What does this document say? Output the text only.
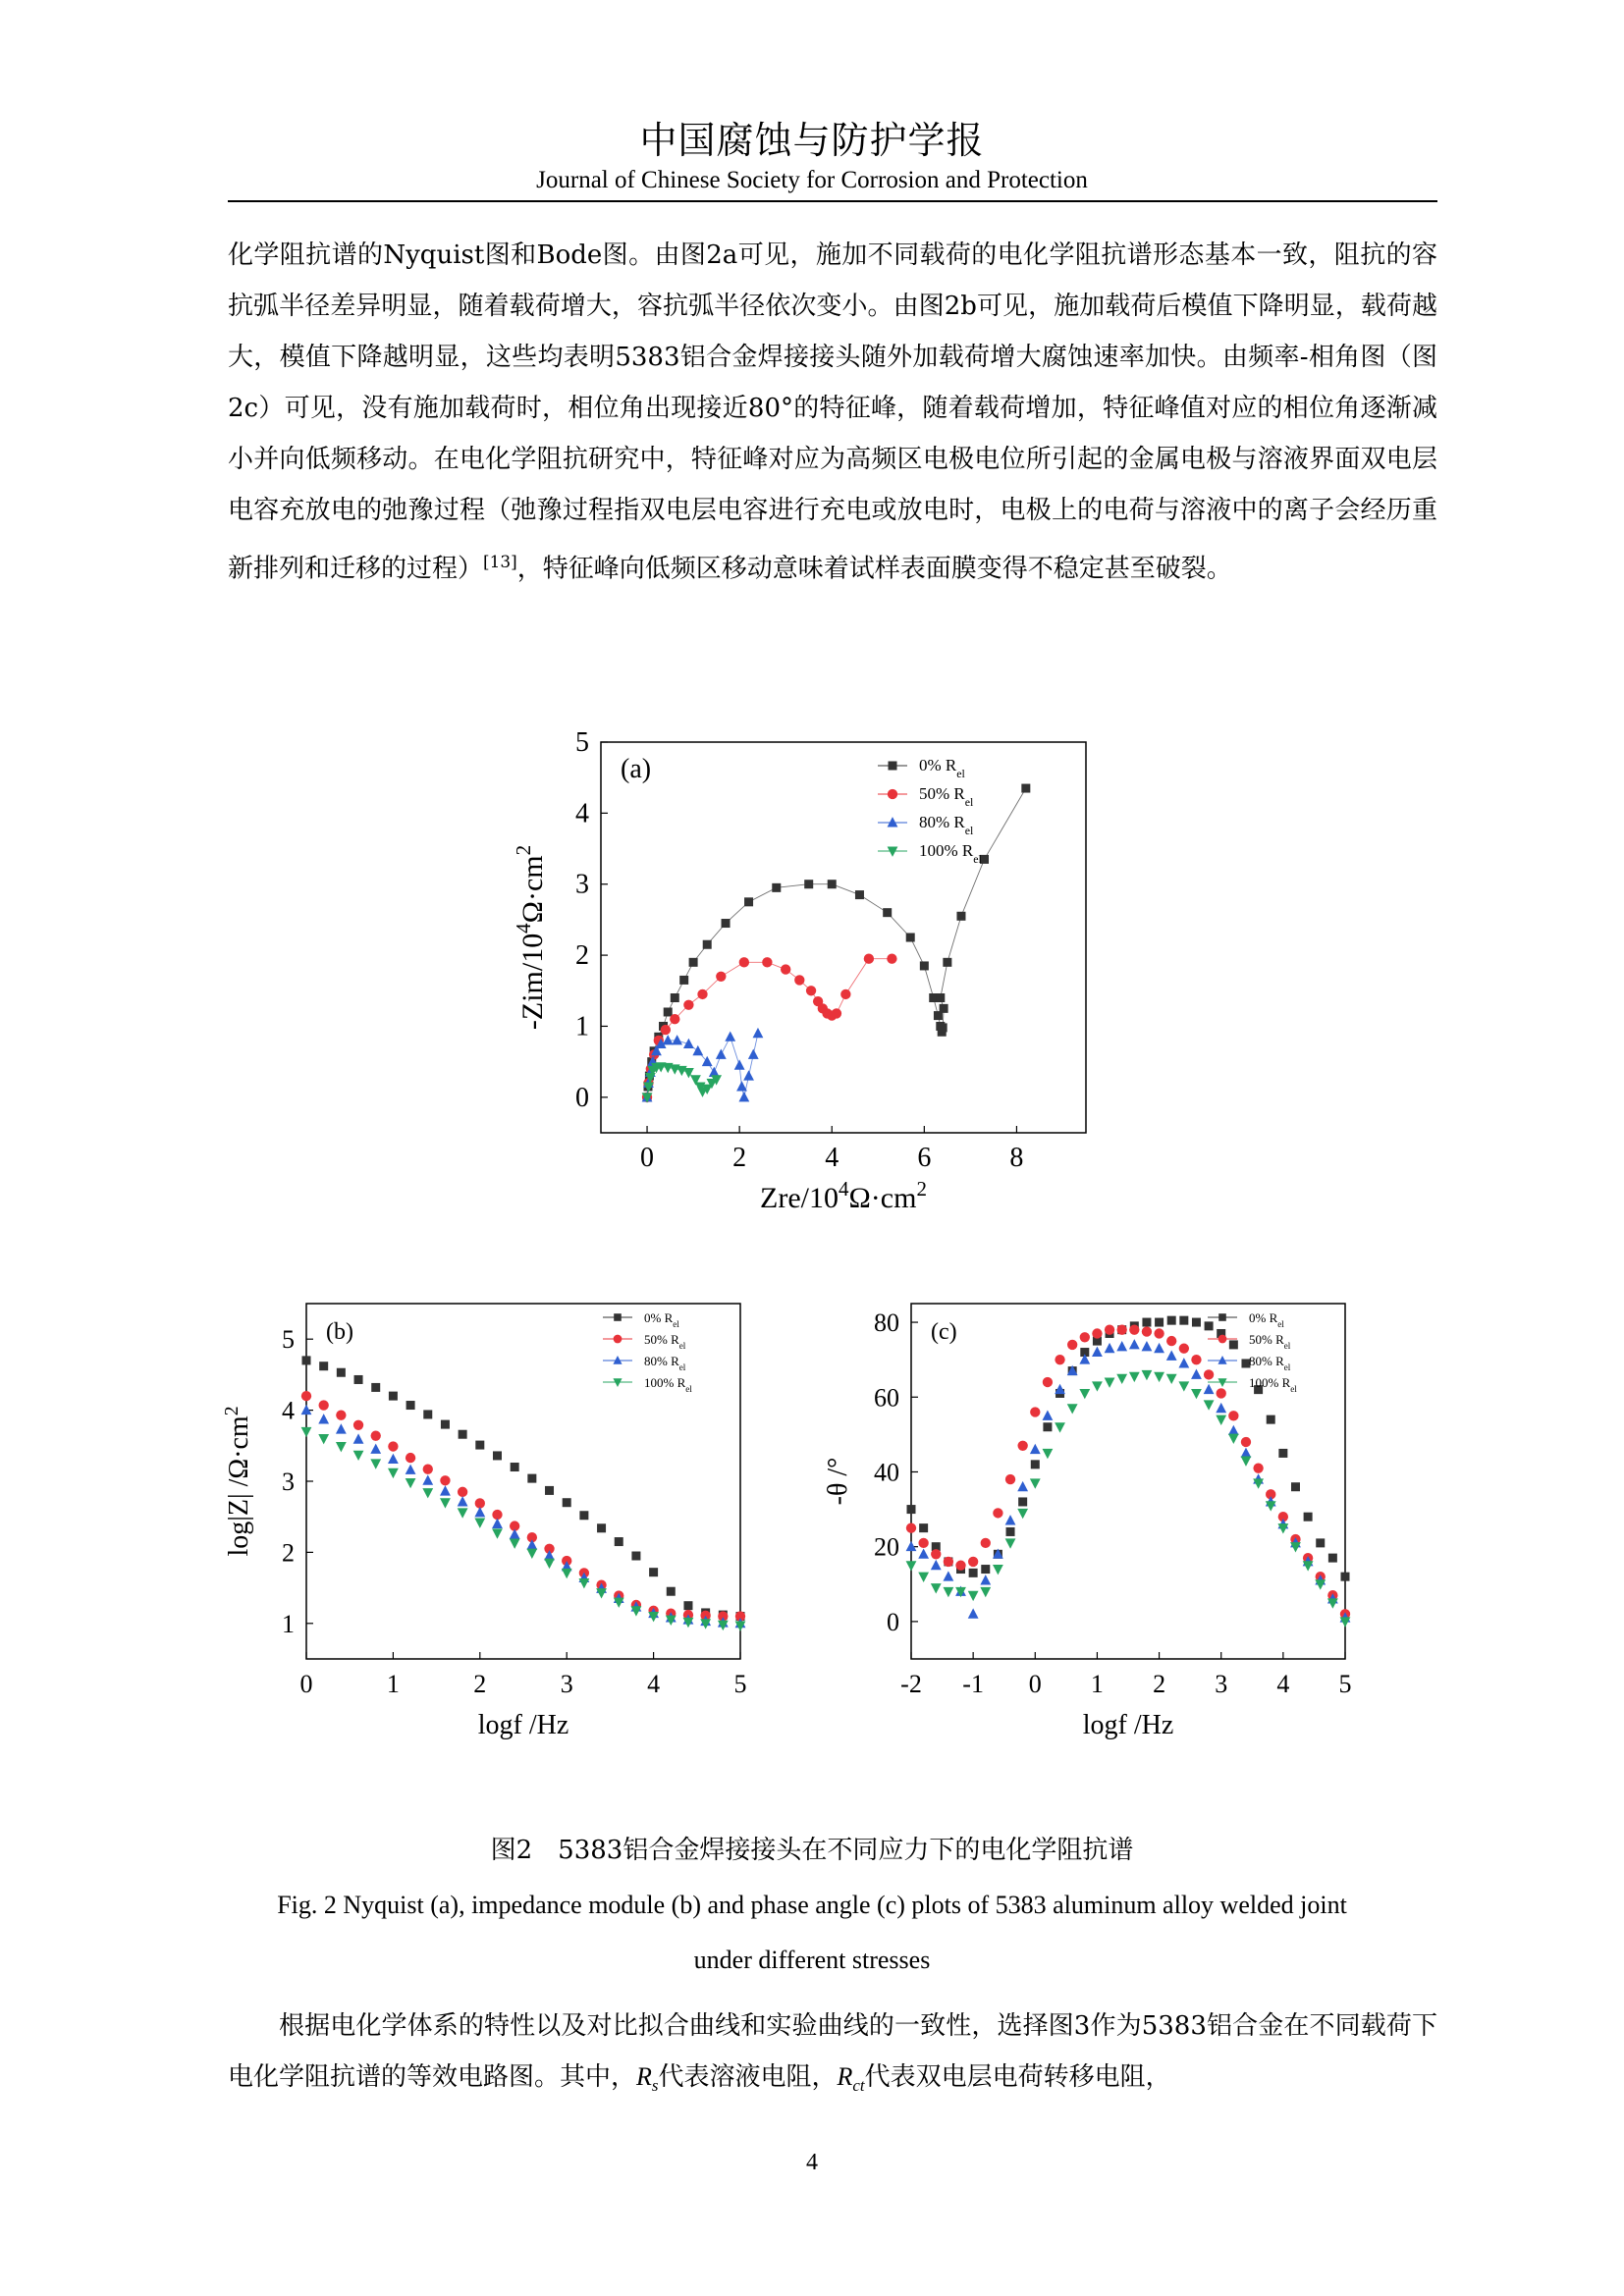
中国腐蚀与防护学报
Journal of Chinese Society for Corrosion and Protection

化学阻抗谱的Nyquist图和Bode图。由图2a可见，施加不同载荷的电化学阻抗谱形态基本一致，阻抗的容抗弧半径差异明显，随着载荷增大，容抗弧半径依次变小。由图2b可见，施加载荷后模值下降明显，载荷越大，模值下降越明显，这些均表明5383铝合金焊接接头随外加载荷增大腐蚀速率加快。由频率-相角图（图2c）可见，没有施加载荷时，相位角出现接近80°的特征峰，随着载荷增加，特征峰值对应的相位角逐渐减小并向低频移动。在电化学阻抗研究中，特征峰对应为高频区电极电位所引起的金属电极与溶液界面双电层电容充放电的弛豫过程（弛豫过程指双电层电容进行充电或放电时，电极上的电荷与溶液中的离子会经历重新排列和迁移的过程）[13]，特征峰向低频区移动意味着试样表面膜变得不稳定甚至破裂。

0	2	4	6	8
0
1
2
3
4
5
(a)
Zre/$10^4\Omega\cdot cm^2$
$-Zim/10^4\Omega\cdot cm^2$
0% $R_{el}$
50% $R_{el}$
80% $R_{el}$
100% $R_{el}$
0	1	2	3	4	5
1
2
3
4
5 (b)
logf /Hz
log|Z| $/\Omega\cdot cm^2$
0% $R_{el}$
50% $R_{el}$
80% $R_{el}$
100% $R_{el}$
-2 -1 0 1 2 3 4 5
0
20
40
60
80 (c)
logf /Hz
-θ /°
0% $R_{el}$
50% $R_{el}$
80% $R_{el}$
100% $R_{el}$
图2　5383铝合金焊接接头在不同应力下的电化学阻抗谱
Fig. 2 Nyquist (a), impedance module (b) and phase angle (c) plots of 5383 aluminum alloy welded joint under different stresses

根据电化学体系的特性以及对比拟合曲线和实验曲线的一致性，选择图3作为5383铝合金在不同载荷下电化学阻抗谱的等效电路图。其中，$R_s$代表溶液电阻，$R_{ct}$代表双电层电荷转移电阻，

4
